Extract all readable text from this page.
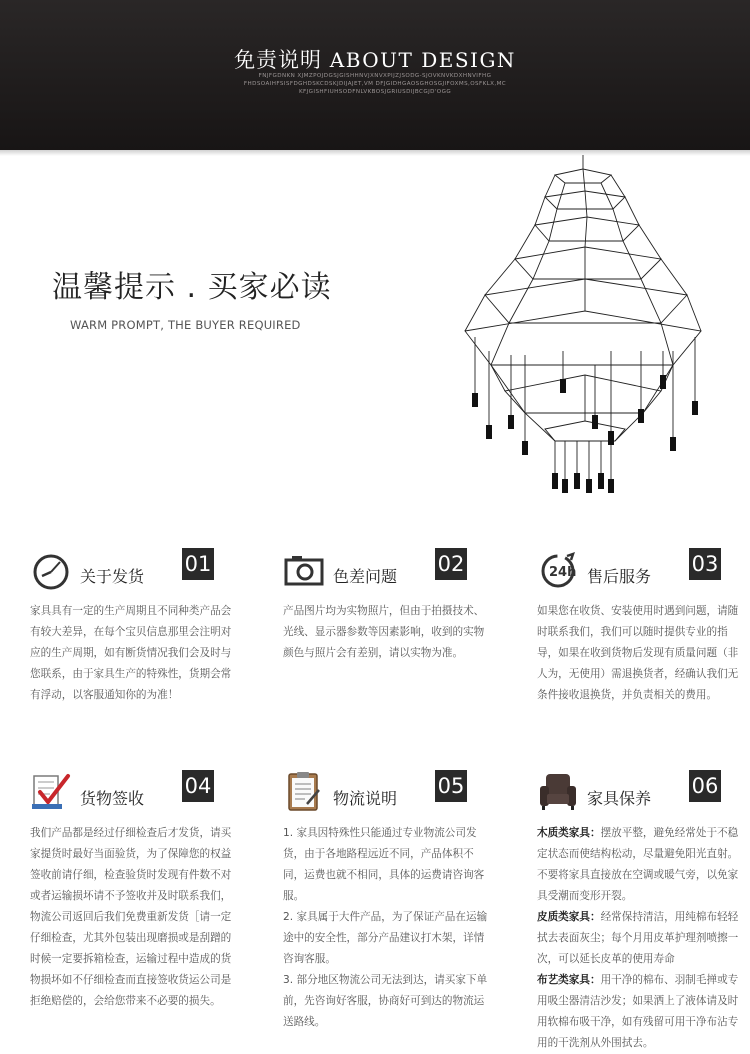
免责说明 ABOUT DESIGN
FNJFGDNKN XJMZPOJDGSJGISHHNVJXNVXPIJZJSODG-SJOVKNVKDXHNVIFHG
FHDSOAIHFSISFDGHDSKCDSKJDIJAJET,VM DFJGIDHGAOSGHOSGJIFOXMS,OSFKLX,MC
KFJGISHFIUHSODFNLVKBOSJGRIUSDIJBCGJD'OGG
温馨提示 . 买家必读
WARM PROMPT, THE BUYER REQUIRED
关于发货
01

家具具有一定的生产周期且不同种类产品会有较大差异，在每个宝贝信息那里会注明对应的生产周期，如有断货情况我们会及时与您联系，由于家具生产的特殊性，货期会常有浮动，以客服通知你的为准！

色差问题
02

产品图片均为实物照片，但由于拍摄技术、光线、显示器参数等因素影响，收到的实物颜色与照片会有差别，请以实物为准。

24h 售后服务
03

如果您在收货、安装使用时遇到问题，请随时联系我们，我们可以随时提供专业的指导，如果在收到货物后发现有质量问题（非人为，无使用）需退换货者，经确认我们无条件接收退换货，并负责相关的费用。

货物签收
04

我们产品都是经过仔细检查后才发货，请买家提货时最好当面验货，为了保障您的权益签收前请仔细，检查验货时发现有件数不对或者运输损坏请不予签收并及时联系我们，物流公司返回后我们免费重新发货［请一定仔细检查，尤其外包装出现磨损或是刮蹭的时候一定要拆箱检查，运输过程中造成的货物损坏如不仔细检查而直接签收货运公司是拒绝赔偿的，会给您带来不必要的损失。

物流说明
05

1. 家具因特殊性只能通过专业物流公司发货，由于各地路程远近不同，产品体积不同，运费也就不相同，具体的运费请咨询客服。

2. 家具属于大件产品，为了保证产品在运输途中的安全性，部分产品建议打木架，详情咨询客服。

3. 部分地区物流公司无法到达，请买家下单前，先咨询好客服，协商好可到达的物流运送路线。

家具保养
06

木质类家具：摆放平整，避免经常处于不稳定状态而使结构松动，尽量避免阳光直射。不要将家具直接放在空调或暖气旁，以免家具受潮而变形开裂。

皮质类家具：经常保持清洁，用纯棉布轻轻拭去表面灰尘；每个月用皮革护理剂喷擦一次，可以延长皮革的使用寿命

布艺类家具：用干净的棉布、羽制毛掸或专用吸尘器清洁沙发；如果洒上了液体请及时用软棉布吸干净，如有残留可用干净布沾专用的干洗剂从外围拭去。
